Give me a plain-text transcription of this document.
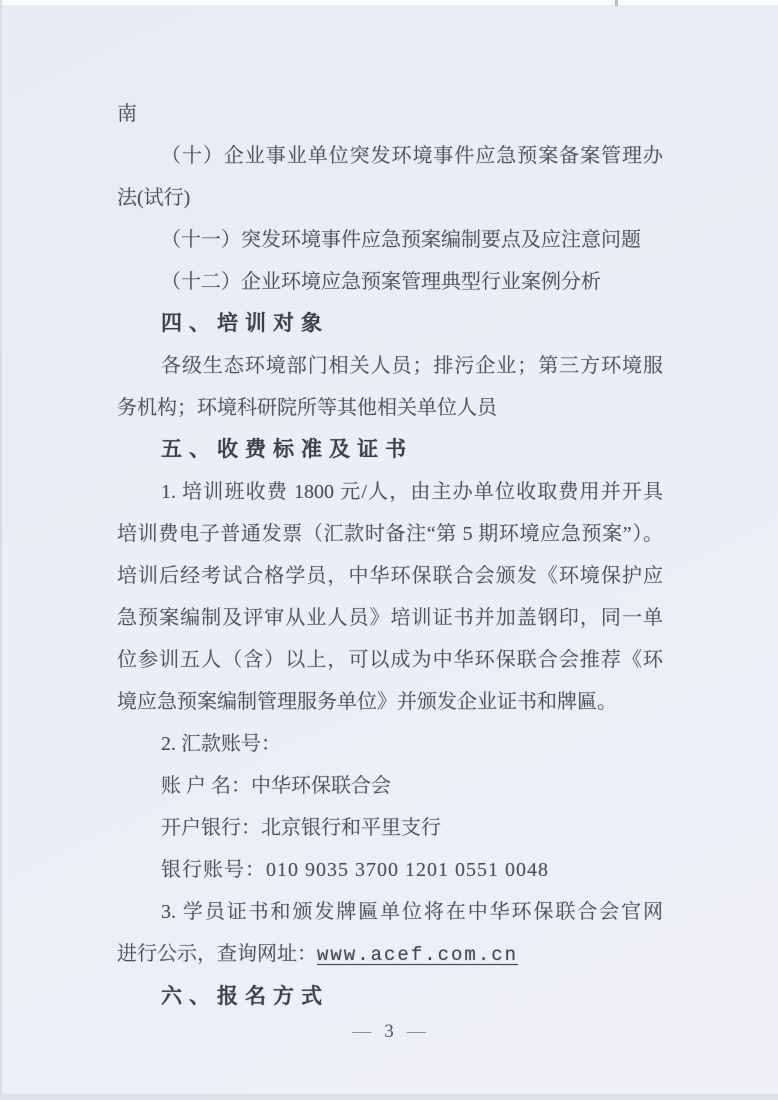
南
（十）企业事业单位突发环境事件应急预案备案管理办
法(试行)
（十一）突发环境事件应急预案编制要点及应注意问题
（十二）企业环境应急预案管理典型行业案例分析
四、培训对象
各级生态环境部门相关人员；排污企业；第三方环境服
务机构；环境科研院所等其他相关单位人员
五、收费标准及证书
1. 培训班收费 1800 元/人，由主办单位收取费用并开具
培训费电子普通发票（汇款时备注“第 5 期环境应急预案”）。
培训后经考试合格学员，中华环保联合会颁发《环境保护应
急预案编制及评审从业人员》培训证书并加盖钢印，同一单
位参训五人（含）以上，可以成为中华环保联合会推荐《环
境应急预案编制管理服务单位》并颁发企业证书和牌匾。
2. 汇款账号：
账 户 名：中华环保联合会
开户银行：北京银行和平里支行
银行账号：010 9035 3700 1201 0551 0048
3. 学员证书和颁发牌匾单位将在中华环保联合会官网
进行公示，查询网址：www.acef.com.cn
六、报名方式
— 3 —
